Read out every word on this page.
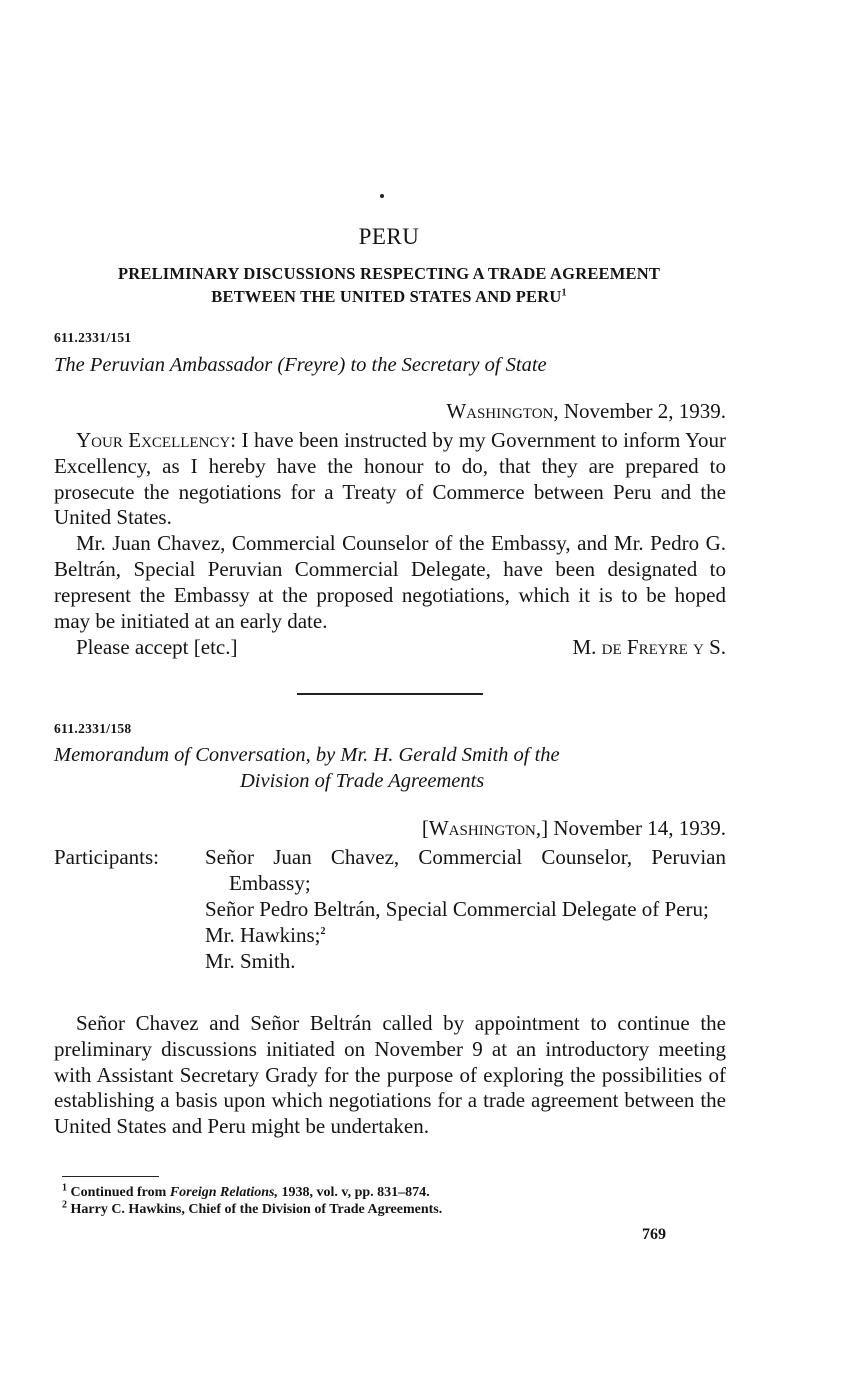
PERU
PRELIMINARY DISCUSSIONS RESPECTING A TRADE AGREEMENT
BETWEEN THE UNITED STATES AND PERU$^1$
611.2331/151
The Peruvian Ambassador (Freyre) to the Secretary of State
Washington, November 2, 1939.

Your Excellency: I have been instructed by my Government to inform Your Excellency, as I hereby have the honour to do, that they are prepared to prosecute the negotiations for a Treaty of Commerce between Peru and the United States.

Mr. Juan Chavez, Commercial Counselor of the Embassy, and Mr. Pedro G. Beltrán, Special Peruvian Commercial Delegate, have been designated to represent the Embassy at the proposed negotiations, which it is to be hoped may be initiated at an early date.

Please accept [etc.]	M. de Freyre y S.
611.2331/158
Memorandum of Conversation, by Mr. H. Gerald Smith of the
Division of Trade Agreements
[Washington,] November 14, 1939.
Participants: Señor Juan Chavez, Commercial Counselor, Peruvian Embassy;
Señor Pedro Beltrán, Special Commercial Delegate of Peru;
Mr. Hawkins;$^2$
Mr. Smith.

Señor Chavez and Señor Beltrán called by appointment to continue the preliminary discussions initiated on November 9 at an introductory meeting with Assistant Secretary Grady for the purpose of exploring the possibilities of establishing a basis upon which negotiations for a trade agreement between the United States and Peru might be undertaken.

$^1$ Continued from Foreign Relations, 1938, vol. v, pp. 831–874.
$^2$ Harry C. Hawkins, Chief of the Division of Trade Agreements.
769
